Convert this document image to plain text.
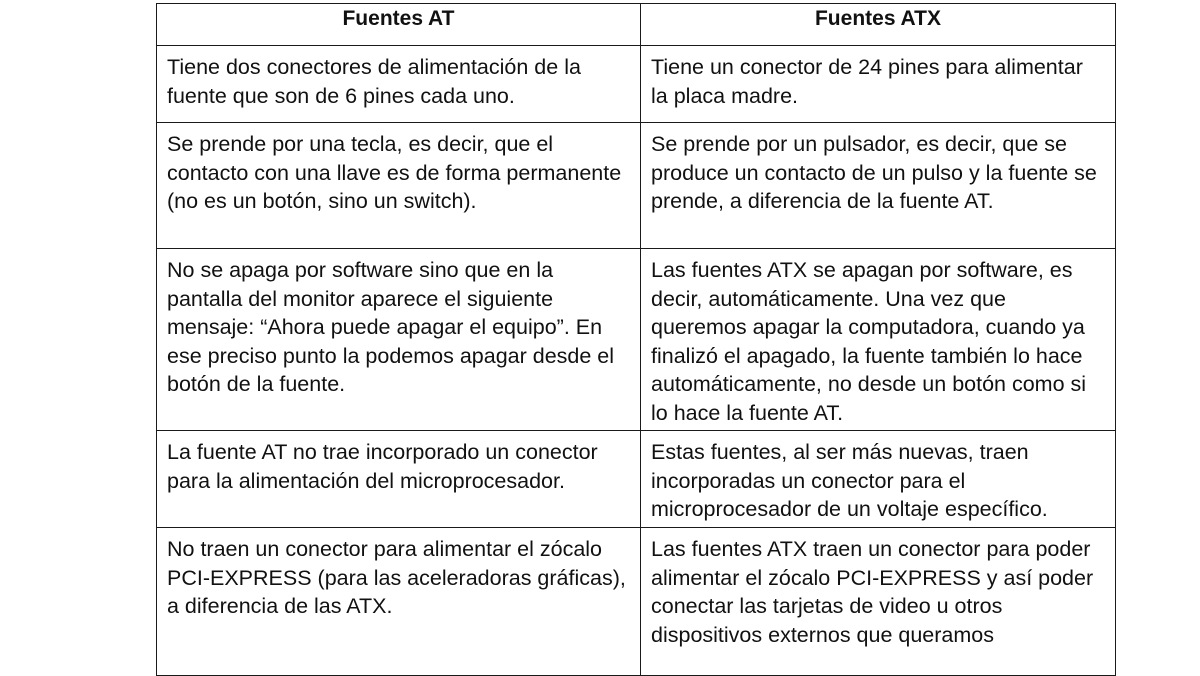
Fuentes AT	Fuentes ATX
Tiene dos conectores de alimentación de la fuente que son de 6 pines cada uno.	Tiene un conector de 24 pines para alimentar la placa madre.
Se prende por una tecla, es decir, que el contacto con una llave es de forma permanente (no es un botón, sino un switch).	Se prende por un pulsador, es decir, que se produce un contacto de un pulso y la fuente se prende, a diferencia de la fuente AT.
No se apaga por software sino que en la pantalla del monitor aparece el siguiente mensaje: “Ahora puede apagar el equipo”. En ese preciso punto la podemos apagar desde el botón de la fuente.	Las fuentes ATX se apagan por software, es decir, automáticamente. Una vez que queremos apagar la computadora, cuando ya finalizó el apagado, la fuente también lo hace automáticamente, no desde un botón como si lo hace la fuente AT.
La fuente AT no trae incorporado un conector para la alimentación del microprocesador.	Estas fuentes, al ser más nuevas, traen incorporadas un conector para el microprocesador de un voltaje específico.
No traen un conector para alimentar el zócalo PCI-EXPRESS (para las aceleradoras gráficas), a diferencia de las ATX.	Las fuentes ATX traen un conector para poder alimentar el zócalo PCI-EXPRESS y así poder conectar las tarjetas de video u otros dispositivos externos que queramos
